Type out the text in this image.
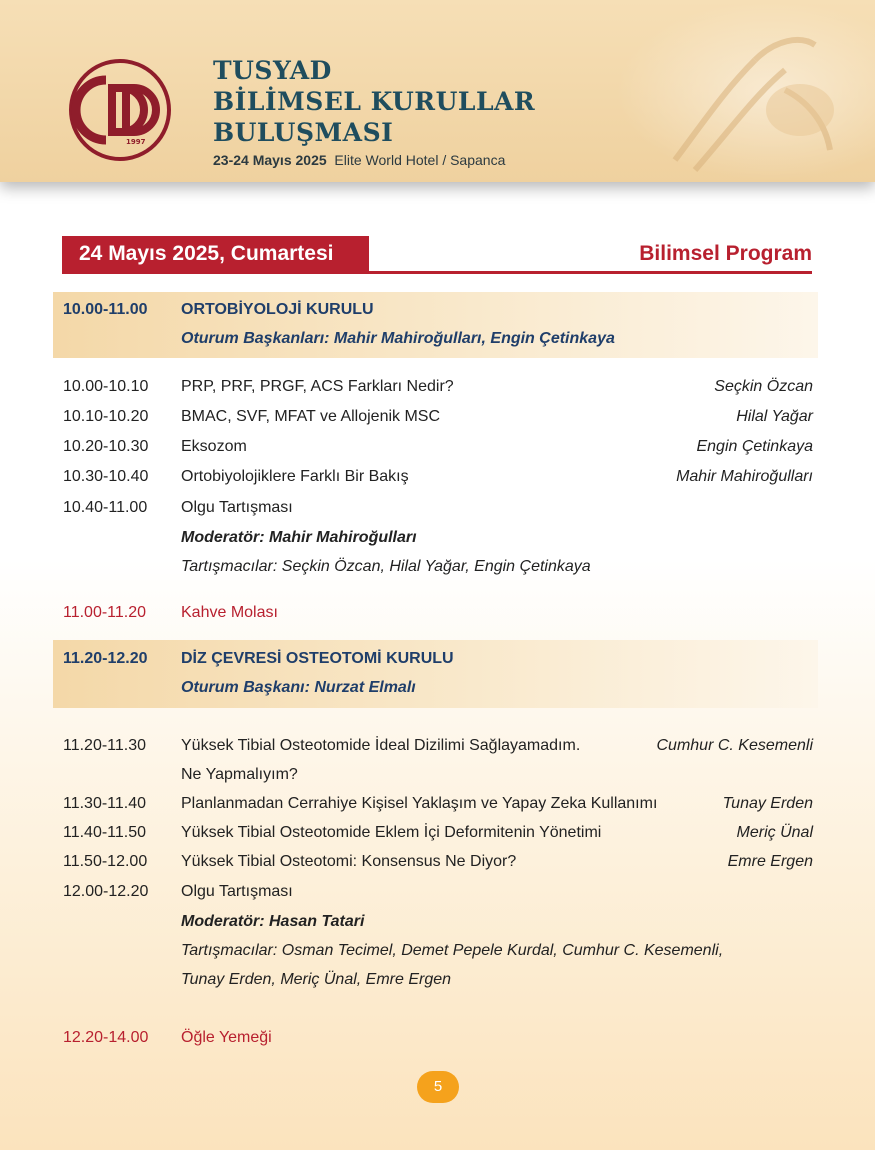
1997
TUSYAD
BİLİMSEL KURULLAR
BULUŞMASI
23-24 Mayıs 2025 Elite World Hotel / Sapanca
24 Mayıs 2025, Cumartesi	Bilimsel Program
10.00-11.00 ORTOBİYOLOJİ KURULU
Oturum Başkanları: Mahir Mahiroğulları, Engin Çetinkaya
10.00-10.10 PRP, PRF, PRGF, ACS Farkları Nedir?	Seçkin Özcan
10.10-10.20 BMAC, SVF, MFAT ve Allojenik MSC	Hilal Yağar
10.20-10.30 Eksozom	Engin Çetinkaya
10.30-10.40 Ortobiyolojiklere Farklı Bir Bakış	Mahir Mahiroğulları
10.40-11.00 Olgu Tartışması
Moderatör: Mahir Mahiroğulları
Tartışmacılar: Seçkin Özcan, Hilal Yağar, Engin Çetinkaya
11.00-11.20 Kahve Molası
11.20-12.20 DİZ ÇEVRESİ OSTEOTOMİ KURULU
Oturum Başkanı: Nurzat Elmalı
11.20-11.30 Yüksek Tibial Osteotomide İdeal Dizilimi Sağlayamadım.	Cumhur C. Kesemenli
Ne Yapmalıyım?
11.30-11.40 Planlanmadan Cerrahiye Kişisel Yaklaşım ve Yapay Zeka Kullanımı	Tunay Erden
11.40-11.50 Yüksek Tibial Osteotomide Eklem İçi Deformitenin Yönetimi	Meriç Ünal
11.50-12.00 Yüksek Tibial Osteotomi: Konsensus Ne Diyor?	Emre Ergen
12.00-12.20 Olgu Tartışması
Moderatör: Hasan Tatari
Tartışmacılar: Osman Tecimel, Demet Pepele Kurdal, Cumhur C. Kesemenli,
Tunay Erden, Meriç Ünal, Emre Ergen
12.20-14.00 Öğle Yemeği
5
